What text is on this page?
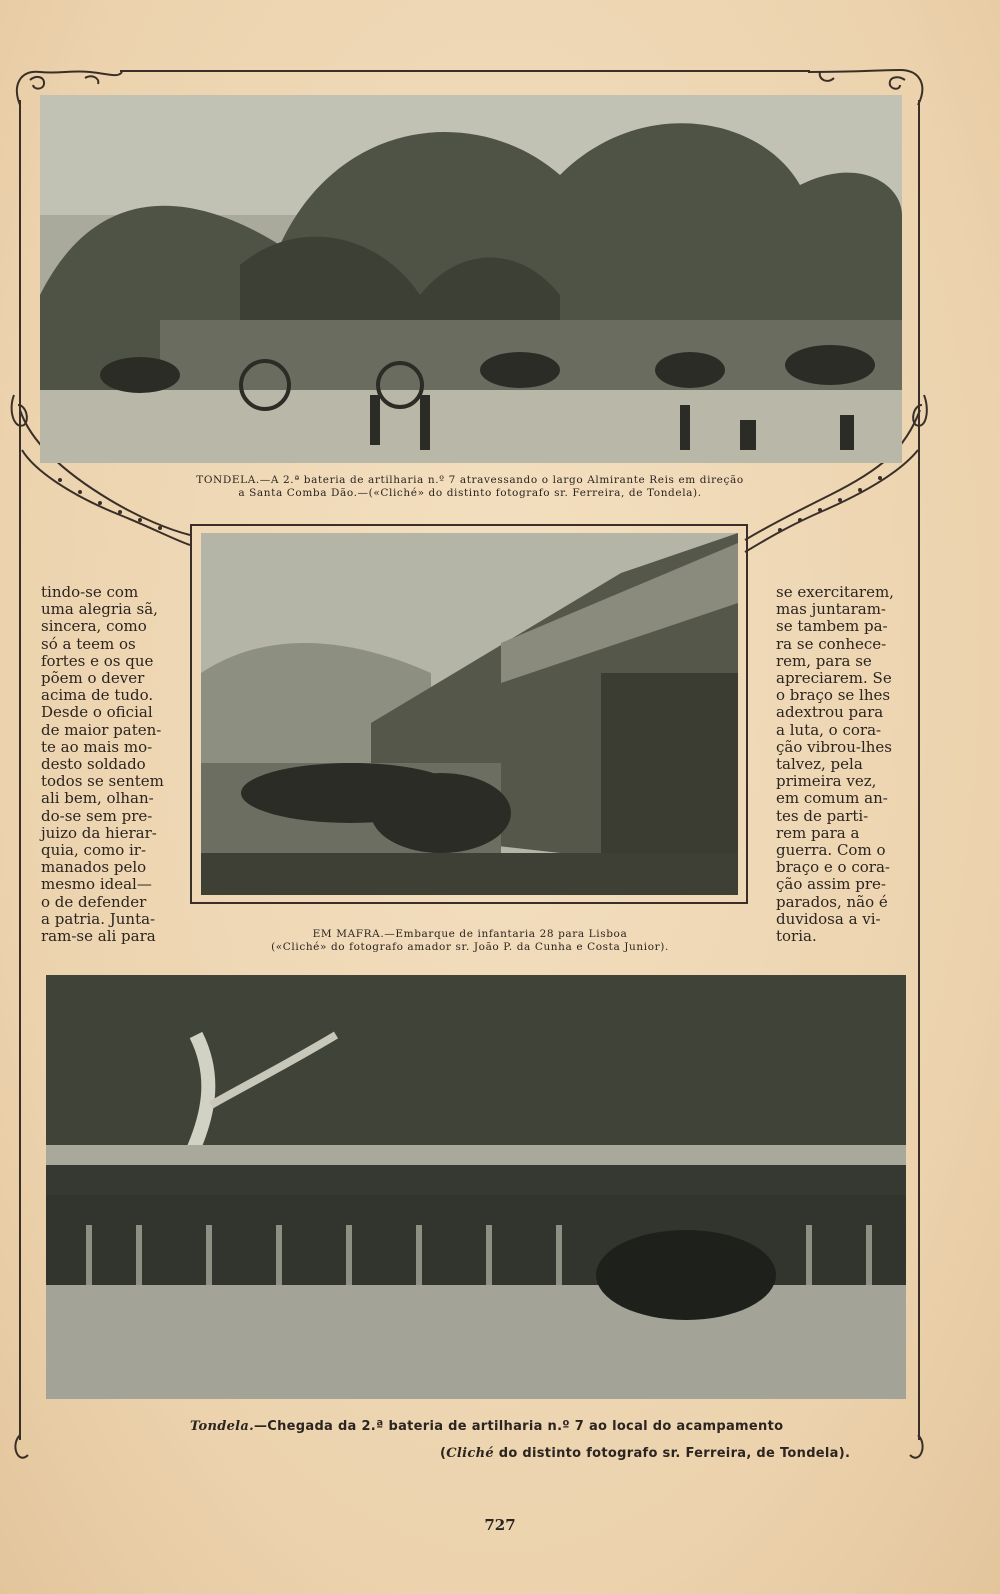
TONDELA.—A 2.ª bateria de artilharia n.º 7 atravessando o largo Almirante Reis em direção
a Santa Comba Dão.—(«Cliché» do distinto fotografo sr. Ferreira, de Tondela).
EM MAFRA.—Embarque de infantaria 28 para Lisboa
(«Cliché» do fotografo amador sr. João P. da Cunha e Costa Junior).
tindo-se com
uma alegria sã,
sincera, como
só a teem os
fortes e os que
põem o dever
acima de tudo.
Desde o oficial
de maior paten-
te ao mais mo-
desto soldado
todos se sentem
ali bem, olhan-
do-se sem pre-
juizo da hierar-
quia, como ir-
manados pelo
mesmo ideal—
o de defender
a patria. Junta-
ram-se ali para
se exercitarem,
mas juntaram-
se tambem pa-
ra se conhece-
rem, para se
apreciarem. Se
o braço se lhes
adextrou para
a luta, o cora-
ção vibrou-lhes
talvez, pela
primeira vez,
em comum an-
tes de parti-
rem para a
guerra. Com o
braço e o cora-
ção assim pre-
parados, não é
duvidosa a vi-
toria.
Tondela.—Chegada da 2.ª bateria de artilharia n.º 7 ao local do acampamento
(Cliché do distinto fotografo sr. Ferreira, de Tondela).
727
